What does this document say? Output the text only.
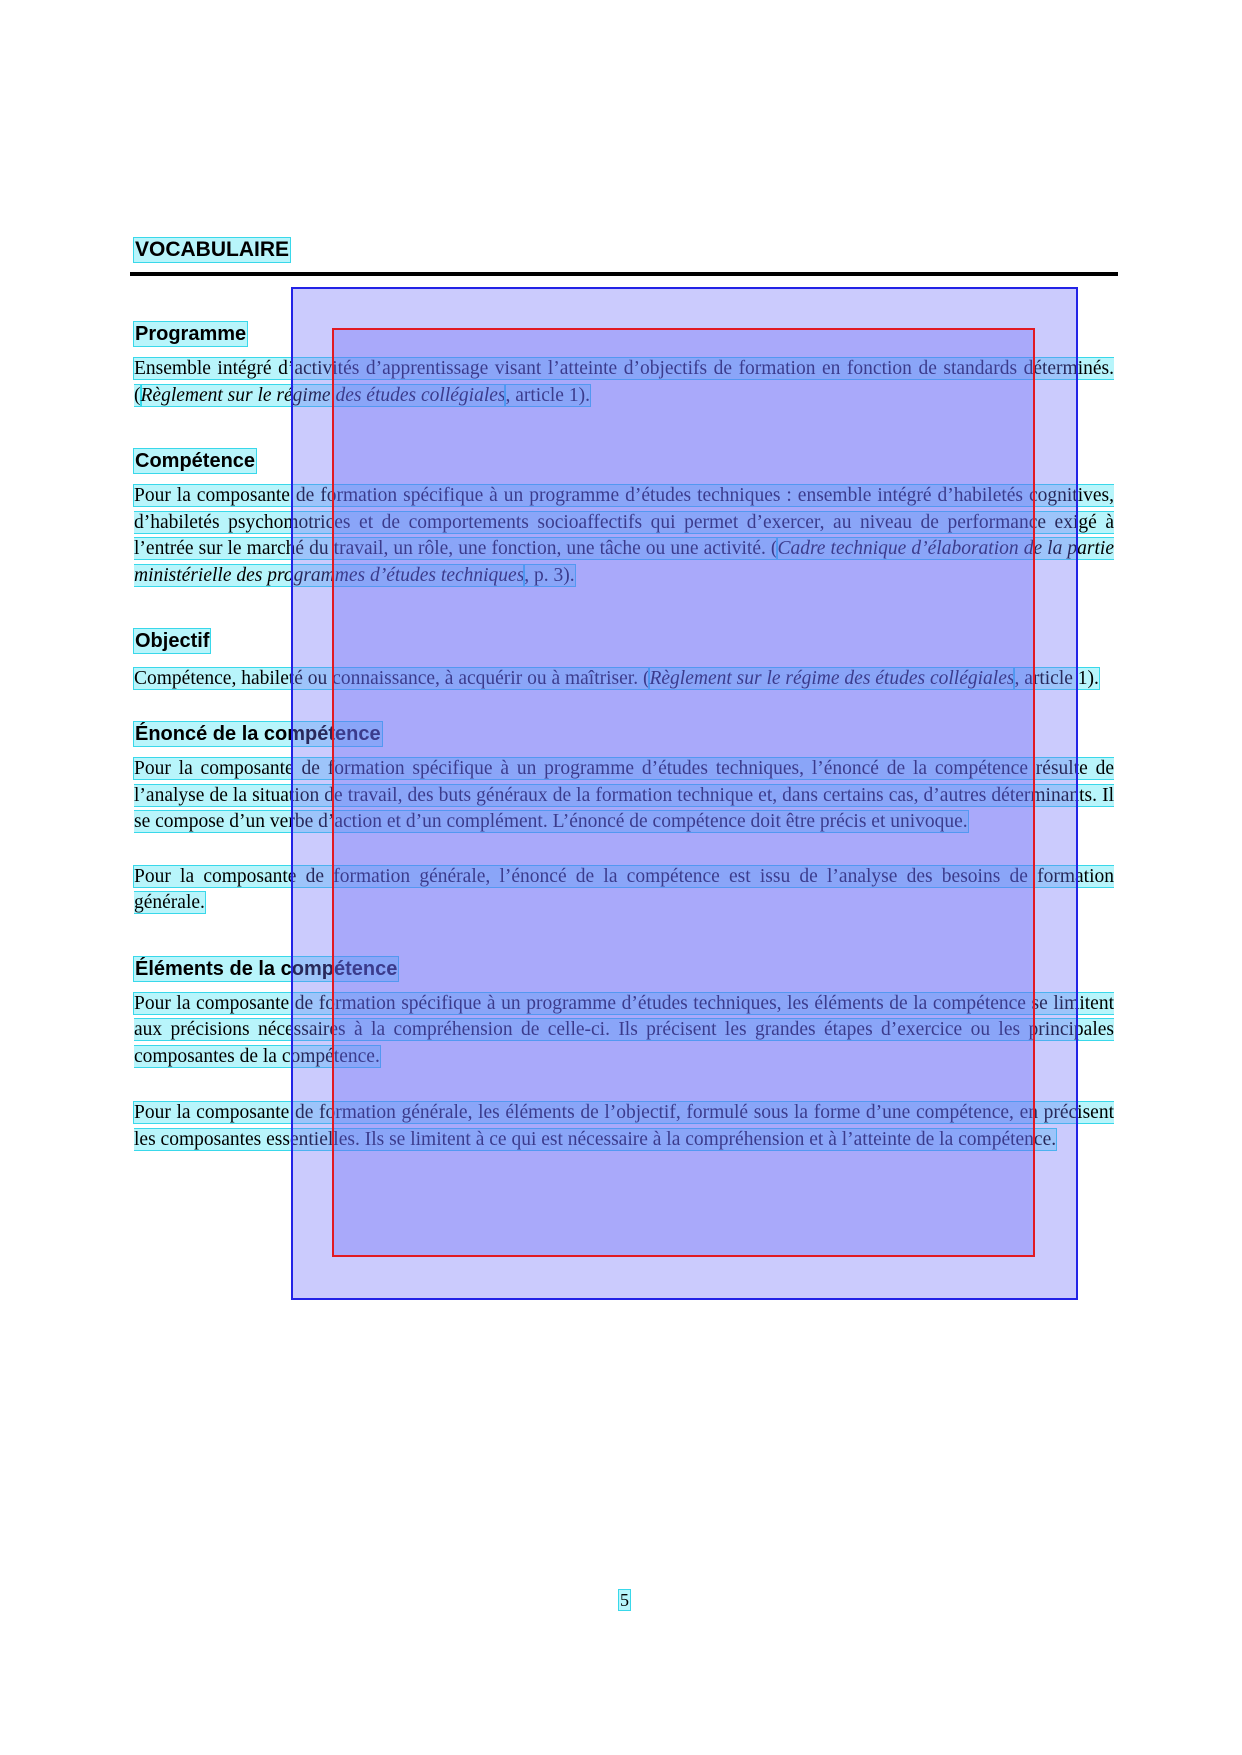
VOCABULAIRE
Programme

Ensemble intégré d’activités d’apprentissage visant l’atteinte d’objectifs de formation en fonction de standards déterminés. (Règlement sur le régime des études collégiales, article 1).

Compétence

Pour la composante de formation spécifique à un programme d’études techniques : ensemble intégré d’habiletés cognitives, d’habiletés psychomotrices et de comportements socioaffectifs qui permet d’exercer, au niveau de performance exigé à l’entrée sur le marché du travail, un rôle, une fonction, une tâche ou une activité. (Cadre technique d’élaboration de la partie ministérielle des programmes d’études techniques, p. 3).

Objectif

Compétence, habileté ou connaissance, à acquérir ou à maîtriser. (Règlement sur le régime des études collégiales, article 1).

Énoncé de la compétence

Pour la composante de formation spécifique à un programme d’études techniques, l’énoncé de la compétence résulte de l’analyse de la situation de travail, des buts généraux de la formation technique et, dans certains cas, d’autres déterminants. Il se compose d’un verbe d’action et d’un complément. L’énoncé de compétence doit être précis et univoque.

Pour la composante de formation générale, l’énoncé de la compétence est issu de l’analyse des besoins de formation générale.

Éléments de la compétence

Pour la composante de formation spécifique à un programme d’études techniques, les éléments de la compétence se limitent aux précisions nécessaires à la compréhension de celle-ci. Ils précisent les grandes étapes d’exercice ou les principales composantes de la compétence.

Pour la composante de formation générale, les éléments de l’objectif, formulé sous la forme d’une compétence, en précisent les composantes essentielles. Ils se limitent à ce qui est nécessaire à la compréhension et à l’atteinte de la compétence.

5
